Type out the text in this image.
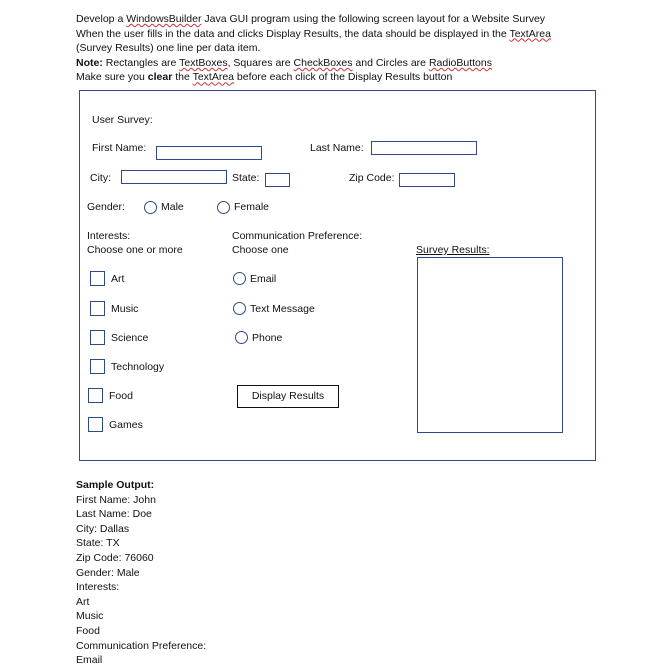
Develop a WindowsBuilder Java GUI program using the following screen layout for a Website Survey
When the user fills in the data and clicks Display Results, the data should be displayed in the TextArea
(Survey Results) one line per data item.
Note: Rectangles are TextBoxes, Squares are CheckBoxes and Circles are RadioButtons
Make sure you clear the TextArea before each click of the Display Results button
User Survey:
First Name:	Last Name:
City:	State:	Zip Code:
Gender:	Male	Female
Interests:
Choose one or more
Communication Preference:
Choose one	Survey Results:
Art
Music
Science
Technology
Food
Games
Email
Text Message
Phone
Display Results
Sample Output:
First Name: John
Last Name: Doe
City: Dallas
State: TX
Zip Code: 76060
Gender: Male
Interests:
Art
Music
Food
Communication Preference:
Email
